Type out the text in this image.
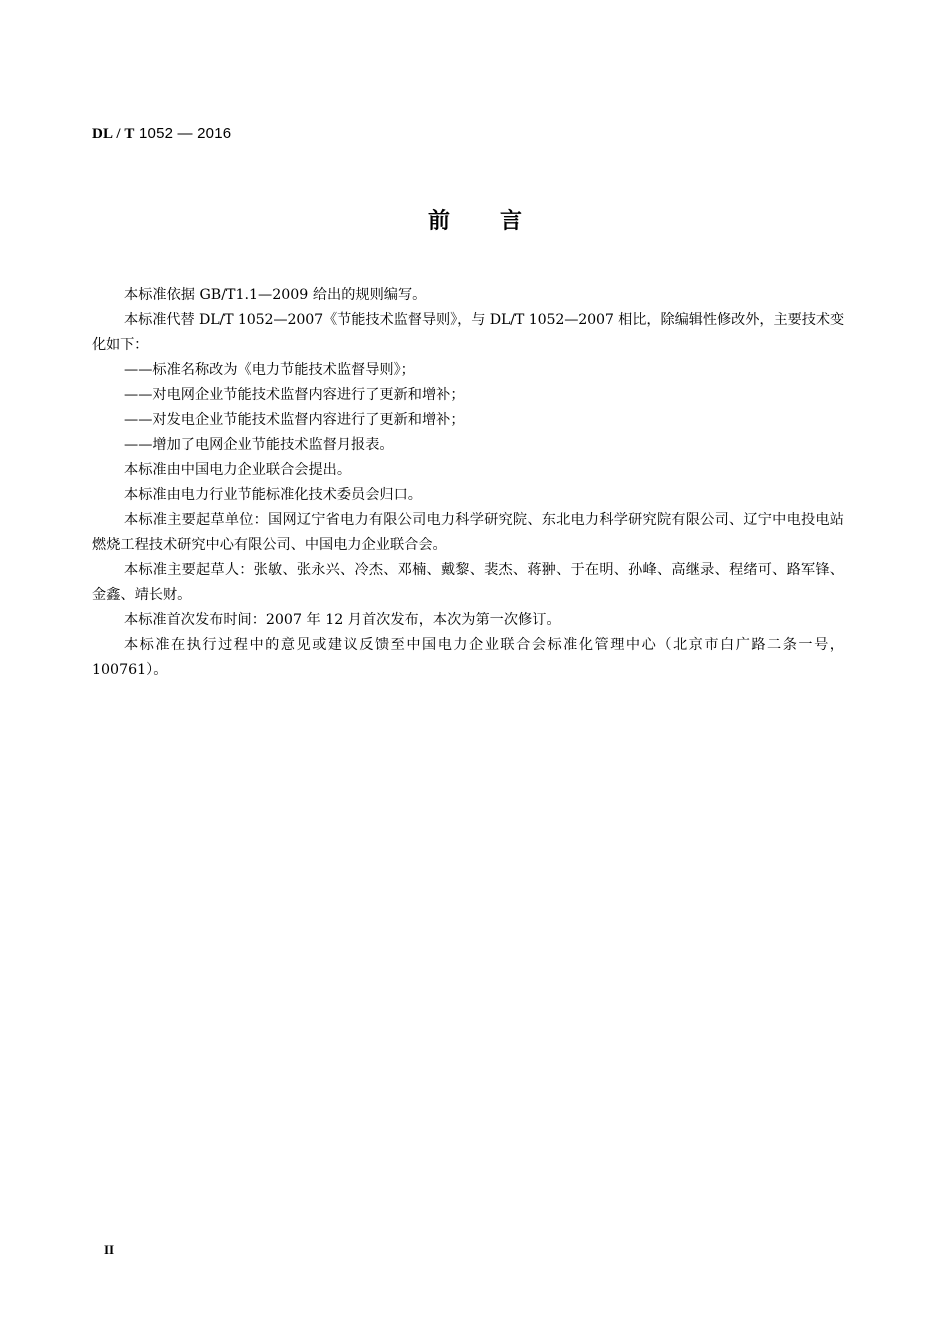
DL / T 1052 — 2016
前 言

本标准依据 GB/T1.1—2009 给出的规则编写。

本标准代替 DL/T 1052—2007《节能技术监督导则》，与 DL/T 1052—2007 相比，除编辑性修改外，主要技术变化如下：

——标准名称改为《电力节能技术监督导则》；

——对电网企业节能技术监督内容进行了更新和增补；

——对发电企业节能技术监督内容进行了更新和增补；

——增加了电网企业节能技术监督月报表。

本标准由中国电力企业联合会提出。

本标准由电力行业节能标准化技术委员会归口。

本标准主要起草单位：国网辽宁省电力有限公司电力科学研究院、东北电力科学研究院有限公司、辽宁中电投电站燃烧工程技术研究中心有限公司、中国电力企业联合会。

本标准主要起草人：张敏、张永兴、冷杰、邓楠、戴黎、裴杰、蒋翀、于在明、孙峰、高继录、程绪可、路军锋、金鑫、靖长财。

本标准首次发布时间：2007 年 12 月首次发布，本次为第一次修订。

本标准在执行过程中的意见或建议反馈至中国电力企业联合会标准化管理中心（北京市白广路二条一号，100761）。

II
